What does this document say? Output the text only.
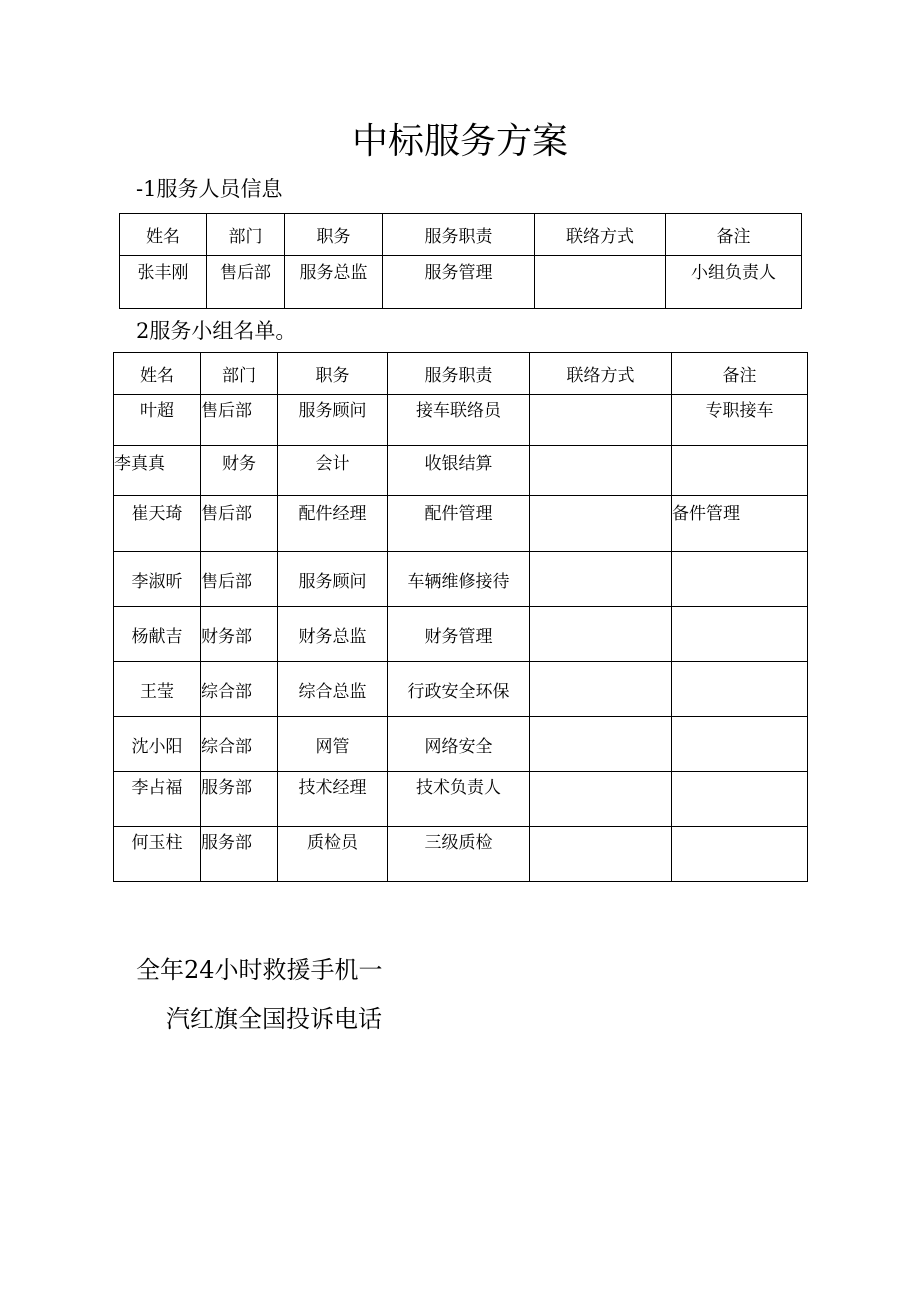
中标服务方案
-1服务人员信息
姓名	部门	职务	服务职责	联络方式	备注
张丰刚	售后部	服务总监	服务管理		小组负责人
2服务小组名单。
姓名	部门	职务	服务职责	联络方式	备注
叶超	售后部	服务顾问	接车联络员		专职接车
李真真	财务	会计	收银结算		
崔天琦	售后部	配件经理	配件管理		备件管理
李淑昕	售后部	服务顾问	车辆维修接待		
杨献吉	财务部	财务总监	财务管理		
王莹	综合部	综合总监	行政安全环保		
沈小阳	综合部	网管	网络安全		
李占福	服务部	技术经理	技术负责人		
何玉柱	服务部	质检员	三级质检		
全年24小时救援手机一
汽红旗全国投诉电话
